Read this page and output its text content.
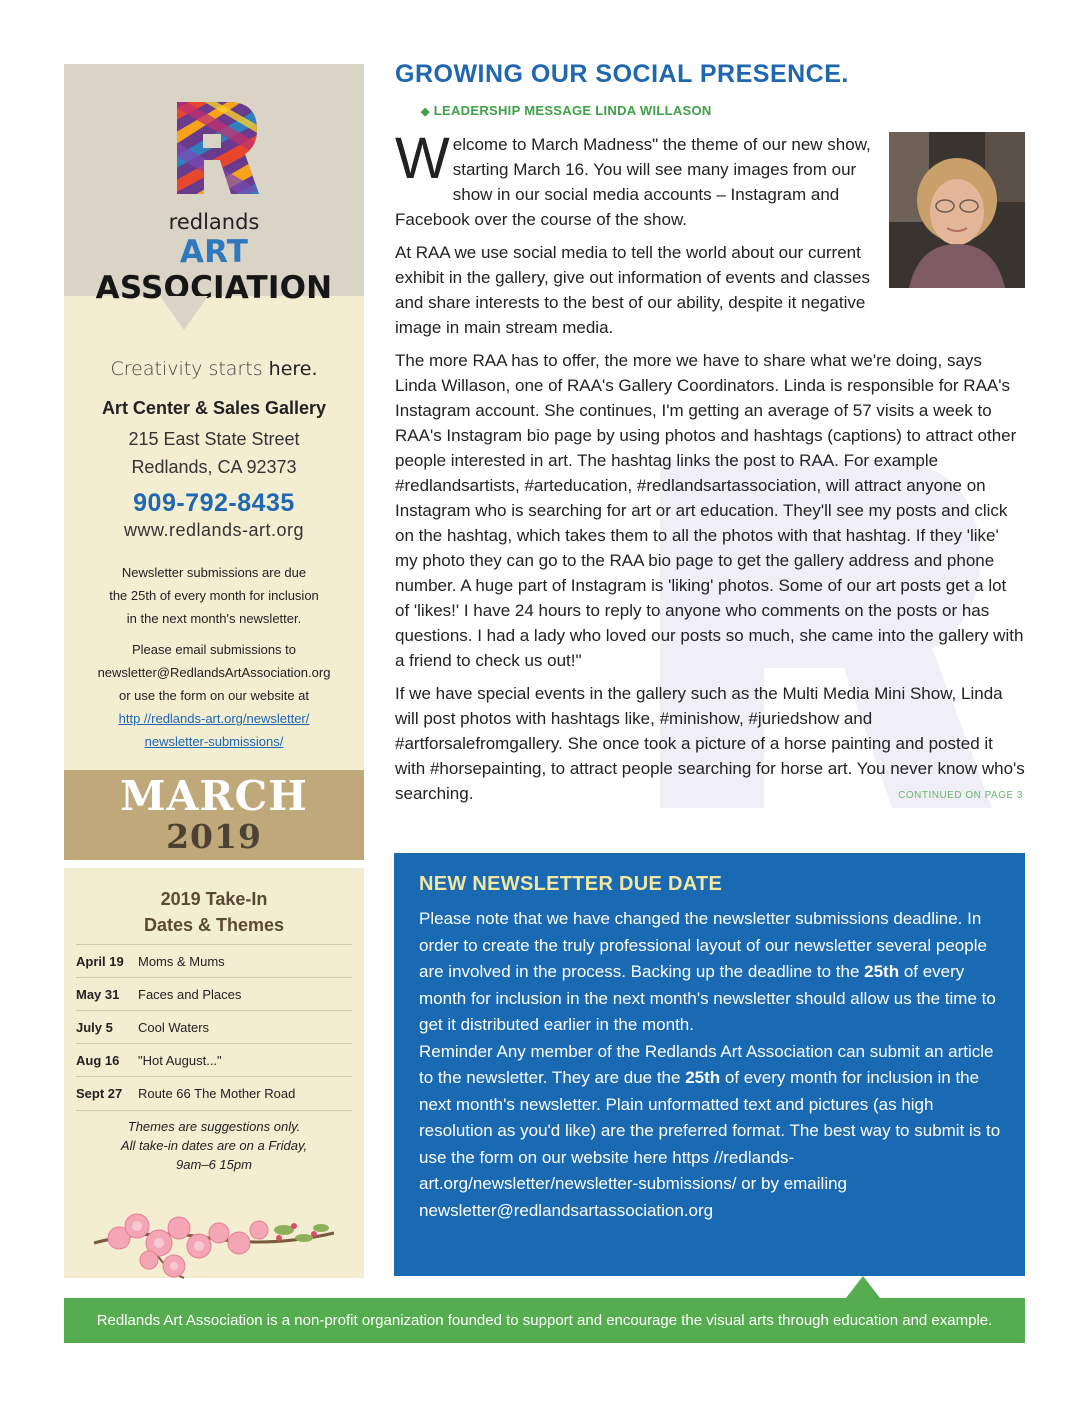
redlands
ART ASSOCIATION
Creativity starts here.
Art Center & Sales Gallery
215 East State Street
Redlands, CA 92373
909-792-8435
www.redlands-art.org
Newsletter submissions are due
the 25th of every month for inclusion
in the next month's newsletter.
Please email submissions to
newsletter@RedlandsArtAssociation.org
or use the form on our website at
http //redlands-art.org/newsletter/
newsletter-submissions/
MARCH
2019
2019 Take-In
Dates & Themes
April 19	Moms & Mums
May 31	Faces and Places
July 5	Cool Waters
Aug 16	"Hot August..."
Sept 27	Route 66 The Mother Road
Themes are suggestions only.
All take-in dates are on a Friday,
9am–6 15pm
GROWING OUR SOCIAL PRESENCE.
◆ LEADERSHIP MESSAGE LINDA WILLASON

Welcome to March Madness" the theme of our new show, starting March 16. You will see many images from our show in our social media accounts – Instagram and Facebook over the course of the show.

At RAA we use social media to tell the world about our current exhibit in the gallery, give out information of events and classes and share interests to the best of our ability, despite it negative image in main stream media.

The more RAA has to offer, the more we have to share what we're doing, says Linda Willason, one of RAA's Gallery Coordinators. Linda is responsible for RAA's Instagram account. She continues, I'm getting an average of 57 visits a week to RAA's Instagram bio page by using photos and hashtags (captions) to attract other people interested in art. The hashtag links the post to RAA. For example #redlandsartists, #arteducation, #redlandsartassociation, will attract anyone on Instagram who is searching for art or art education. They'll see my posts and click on the hashtag, which takes them to all the photos with that hashtag. If they 'like' my photo they can go to the RAA bio page to get the gallery address and phone number. A huge part of Instagram is 'liking' photos. Some of our art posts get a lot of 'likes!' I have 24 hours to reply to anyone who comments on the posts or has questions. I had a lady who loved our posts so much, she came into the gallery with a friend to check us out!"

If we have special events in the gallery such as the Multi Media Mini Show, Linda will post photos with hashtags like, #minishow, #juriedshow and #artforsalefromgallery. She once took a picture of a horse painting and posted it with #horsepainting, to attract people searching for horse art. You never know who's searching.	CONTINUED ON PAGE 3
NEW NEWSLETTER DUE DATE
Please note that we have changed the newsletter submissions deadline. In order to create the truly professional layout of our newsletter several people are involved in the process. Backing up the deadline to the 25th of every month for inclusion in the next month's newsletter should allow us the time to get it distributed earlier in the month.
Reminder Any member of the Redlands Art Association can submit an article to the newsletter. They are due the 25th of every month for inclusion in the next month's newsletter. Plain unformatted text and pictures (as high resolution as you'd like) are the preferred format. The best way to submit is to use the form on our website here https //redlands-art.org/newsletter/newsletter-submissions/ or by emailing newsletter@redlandsartassociation.org
Redlands Art Association is a non-profit organization founded to support and encourage the visual arts through education and example.
